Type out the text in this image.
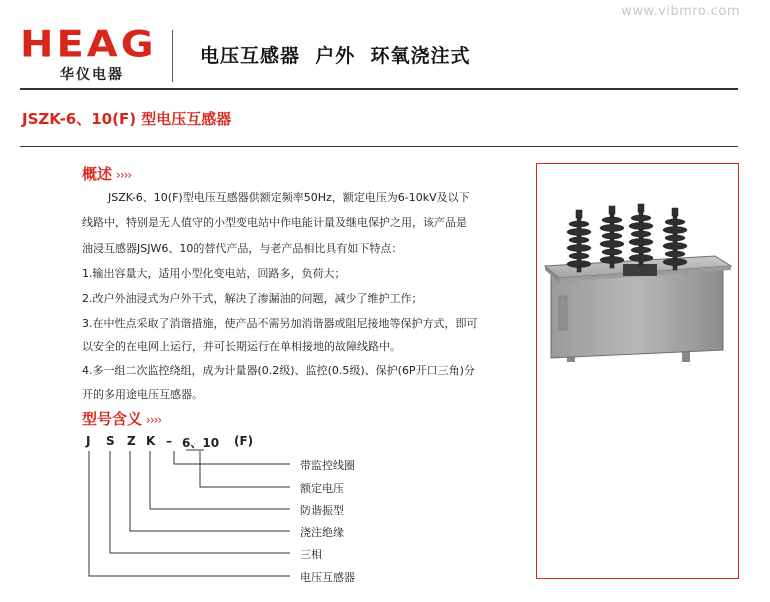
www.vibmro.com
HEAG
华仪电器
电压互感器  户外  环氧浇注式
JSZK-6、10(F) 型电压互感器
概述 ››››
JSZK-6、10(F)型电压互感器供额定频率50Hz，额定电压为6-10kV及以下
线路中，特别是无人值守的小型变电站中作电能计量及继电保护之用，该产品是
油浸互感器JSJW6、10的替代产品，与老产品相比具有如下特点：
1.输出容量大，适用小型化变电站，回路多，负荷大；
2.改户外油浸式为户外干式，解决了渗漏油的问题，减少了维护工作；
3.在中性点采取了消谐措施，使产品不需另加消谐器或阻尼接地等保护方式，即可
以安全的在电网上运行，并可长期运行在单相接地的故障线路中。
4.多一组二次监控绕组，成为计量器(0.2级)、监控(0.5级)、保护(6P开口三角)分
开的多用途电压互感器。
型号含义 ››››
J S Z K – 6、10 (F)
带监控线圈
额定电压
防谐振型
浇注绝缘
三相
电压互感器
